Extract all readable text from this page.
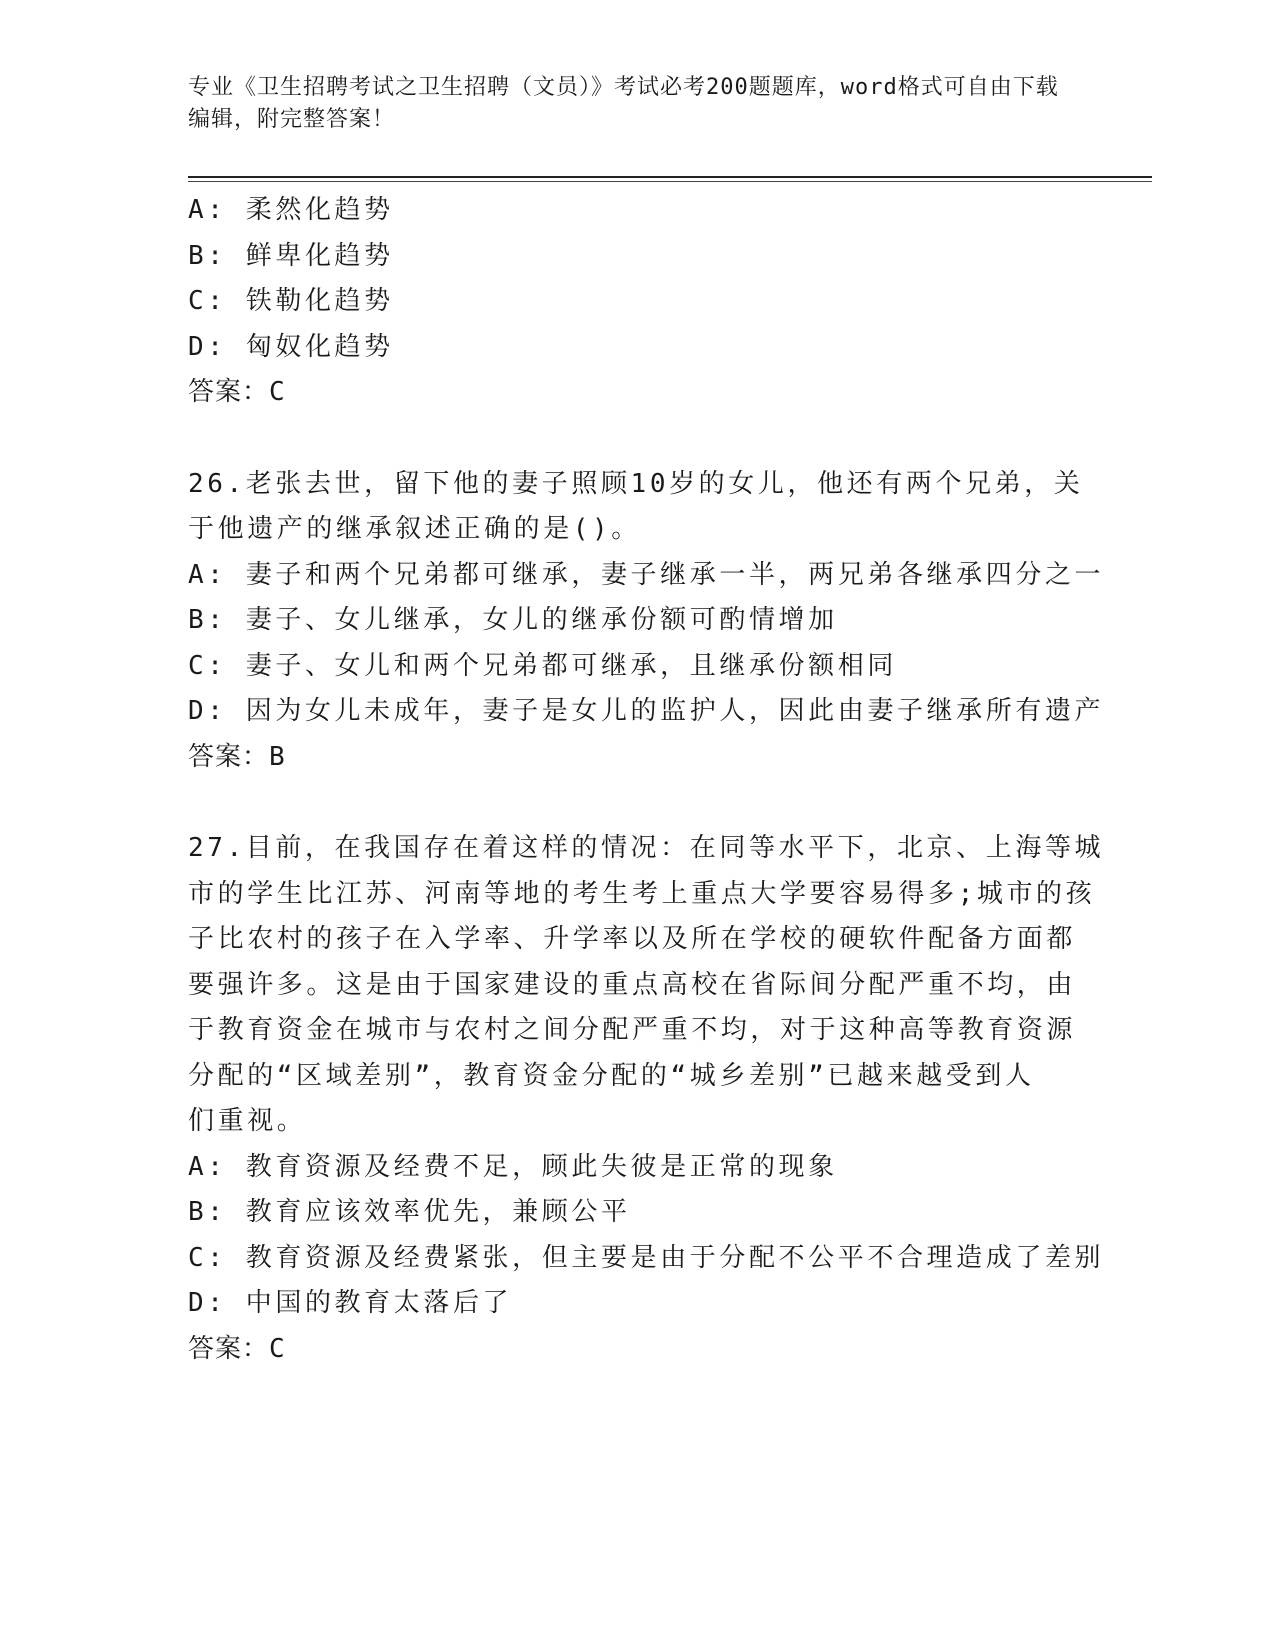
专业《卫生招聘考试之卫生招聘（文员）》考试必考200题题库，word格式可自由下载编辑，附完整答案！

A: 柔然化趋势

B: 鲜卑化趋势

C: 铁勒化趋势

D: 匈奴化趋势

答案：C

26.老张去世，留下他的妻子照顾10岁的女儿，他还有两个兄弟，关

于他遗产的继承叙述正确的是()。

A: 妻子和两个兄弟都可继承，妻子继承一半，两兄弟各继承四分之一

B: 妻子、女儿继承，女儿的继承份额可酌情增加

C: 妻子、女儿和两个兄弟都可继承，且继承份额相同

D: 因为女儿未成年，妻子是女儿的监护人，因此由妻子继承所有遗产

答案：B

27.目前，在我国存在着这样的情况：在同等水平下，北京、上海等城

市的学生比江苏、河南等地的考生考上重点大学要容易得多;城市的孩

子比农村的孩子在入学率、升学率以及所在学校的硬软件配备方面都

要强许多。这是由于国家建设的重点高校在省际间分配严重不均，由

于教育资金在城市与农村之间分配严重不均，对于这种高等教育资源

分配的“区域差别”，教育资金分配的“城乡差别”已越来越受到人

们重视。

A: 教育资源及经费不足，顾此失彼是正常的现象

B: 教育应该效率优先，兼顾公平

C: 教育资源及经费紧张，但主要是由于分配不公平不合理造成了差别

D: 中国的教育太落后了

答案：C
